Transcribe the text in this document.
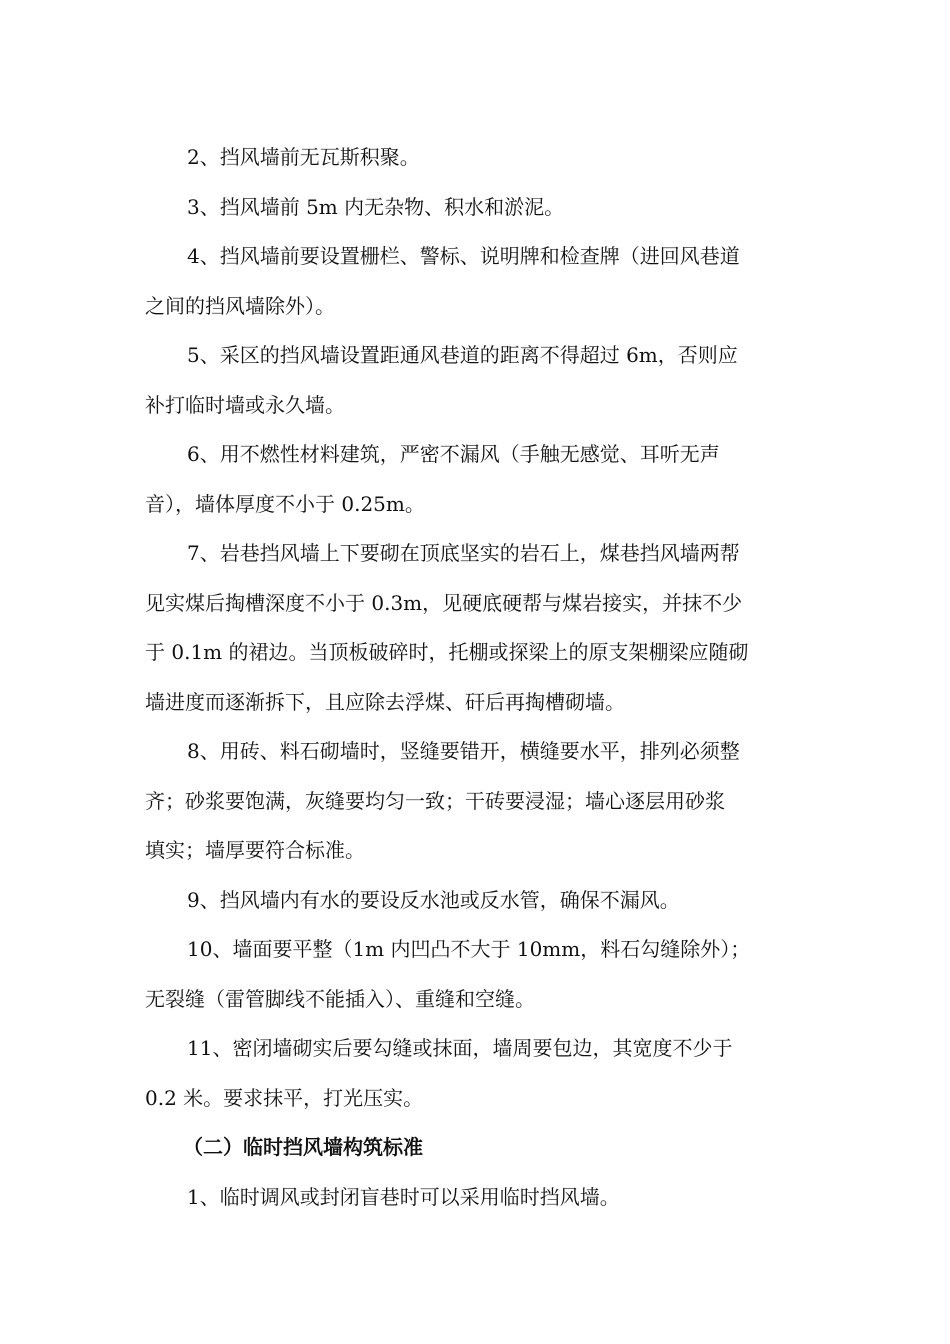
2、挡风墙前无瓦斯积聚。

3、挡风墙前 5m 内无杂物、积水和淤泥。

4、挡风墙前要设置栅栏、警标、说明牌和检查牌（进回风巷道
之间的挡风墙除外）。
5、采区的挡风墙设置距通风巷道的距离不得超过 6m，否则应
补打临时墙或永久墙。
6、用不燃性材料建筑，严密不漏风（手触无感觉、耳听无声
音），墙体厚度不小于 0.25m。
7、岩巷挡风墙上下要砌在顶底坚实的岩石上，煤巷挡风墙两帮
见实煤后掏槽深度不小于 0.3m，见硬底硬帮与煤岩接实，并抹不少
于 0.1m 的裙边。当顶板破碎时，托棚或探梁上的原支架棚梁应随砌
墙进度而逐渐拆下，且应除去浮煤、矸后再掏槽砌墙。
8、用砖、料石砌墙时，竖缝要错开，横缝要水平，排列必须整
齐；砂浆要饱满，灰缝要均匀一致；干砖要浸湿；墙心逐层用砂浆
填实；墙厚要符合标准。
9、挡风墙内有水的要设反水池或反水管，确保不漏风。
10、墙面要平整（1m 内凹凸不大于 10mm，料石勾缝除外）；
无裂缝（雷管脚线不能插入）、重缝和空缝。
11、密闭墙砌实后要勾缝或抹面，墙周要包边，其宽度不少于
0.2 米。要求抹平，打光压实。
（二）临时挡风墙构筑标准
1、临时调风或封闭盲巷时可以采用临时挡风墙。
